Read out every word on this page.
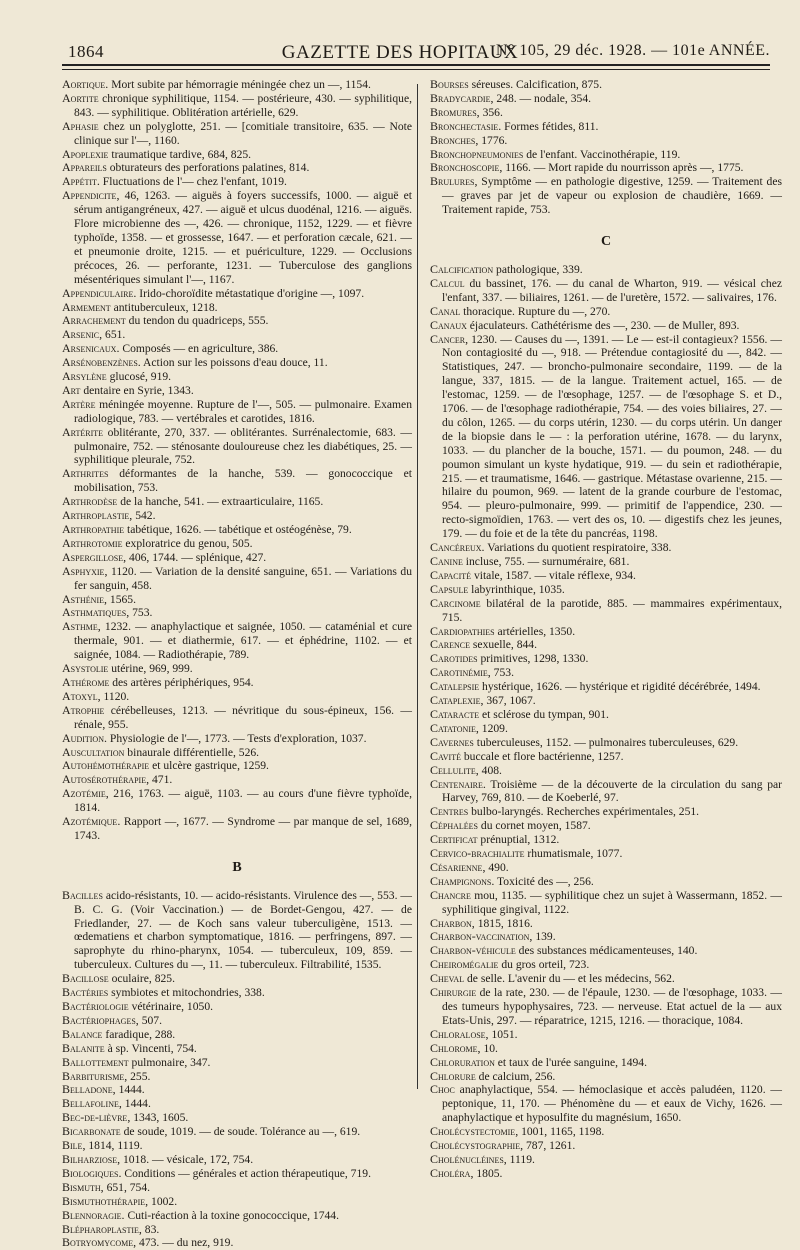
1864	GAZETTE DES HOPITAUX
N° 105, 29 déc. 1928. — 101e ANNÉE.
Aortique. Mort subite par hémorragie méningée chez un —, 1154.
Aortite chronique syphilitique, 1154. — postérieure, 430. — syphilitique, 843. — syphilitique. Oblitération artérielle, 629.
Aphasie chez un polyglotte, 251. — [comitiale transitoire, 635. — Note clinique sur l'—, 1160.
Apoplexie traumatique tardive, 684, 825.
Appareils obturateurs des perforations palatines, 814.
Appétit. Fluctuations de l'— chez l'enfant, 1019.
Appendicite, 46, 1263. — aiguës à foyers successifs, 1000. — aiguë et sérum antigangréneux, 427. — aiguë et ulcus duodénal, 1216. — aiguës. Flore microbienne des —, 426. — chronique, 1152, 1229. — et fièvre typhoïde, 1358. — et grossesse, 1647. — et perforation cæcale, 621. — et pneumonie droite, 1215. — et puériculture, 1229. — Occlusions précoces, 26. — perforante, 1231. — Tuberculose des ganglions mésentériques simulant l'—, 1167.
Appendiculaire. Irido-choroïdite métastatique d'origine —, 1097.
Armement antituberculeux, 1218.
Arrachement du tendon du quadriceps, 555.
Arsenic, 651.
Arsenicaux. Composés — en agriculture, 386.
Arsénobenzènes. Action sur les poissons d'eau douce, 11.
Arsylène glucosé, 919.
Art dentaire en Syrie, 1343.
Artère méningée moyenne. Rupture de l'—, 505. — pulmonaire. Examen radiologique, 783. — vertébrales et carotides, 1816.
Artérite oblitérante, 270, 337. — oblitérantes. Surrénalectomie, 683. — pulmonaire, 752. — sténosante douloureuse chez les diabétiques, 25. — syphilitique pleurale, 752.
Arthrites déformantes de la hanche, 539. — gonococcique et mobilisation, 753.
Arthrodèse de la hanche, 541. — extraarticulaire, 1165.
Arthroplastie, 542.
Arthropathie tabétique, 1626. — tabétique et ostéogénèse, 79.
Arthrotomie exploratrice du genou, 505.
Aspergillose, 406, 1744. — splénique, 427.
Asphyxie, 1120. — Variation de la densité sanguine, 651. — Variations du fer sanguin, 458.
Asthénie, 1565.
Asthmatiques, 753.
Asthme, 1232. — anaphylactique et saignée, 1050. — cataménial et cure thermale, 901. — et diathermie, 617. — et éphédrine, 1102. — et saignée, 1084. — Radiothérapie, 789.
Asystolie utérine, 969, 999.
Athérome des artères périphériques, 954.
Atoxyl, 1120.
Atrophie cérébelleuses, 1213. — névritique du sous-épineux, 156. — rénale, 955.
Audition. Physiologie de l'—, 1773. — Tests d'exploration, 1037.
Auscultation binaurale différentielle, 526.
Autohémothérapie et ulcère gastrique, 1259.
Autosérothérapie, 471.
Azotémie, 216, 1763. — aiguë, 1103. — au cours d'une fièvre typhoïde, 1814.
Azotémique. Rapport —, 1677. — Syndrome — par manque de sel, 1689, 1743.
B
Bacilles acido-résistants, 10. — acido-résistants. Virulence des —, 553. — B. C. G. (Voir Vaccination.) — de Bordet-Gengou, 427. — de Friedlander, 27. — de Koch sans valeur tuberculigène, 1513. — œdematiens et charbon symptomatique, 1816. — perfringens, 897. — saprophyte du rhino-pharynx, 1054. — tuberculeux, 109, 859. — tuberculeux. Cultures du —, 11. — tuberculeux. Filtrabilité, 1535.
Bacillose oculaire, 825.
Bactéries symbiotes et mitochondries, 338.
Bactériologie vétérinaire, 1050.
Bactériophages, 507.
Balance faradique, 288.
Balanite à sp. Vincenti, 754.
Ballottement pulmonaire, 347.
Barbiturisme, 255.
Belladone, 1444.
Bellafoline, 1444.
Bec-de-lièvre, 1343, 1605.
Bicarbonate de soude, 1019. — de soude. Tolérance au —, 619.
Bile, 1814, 1119.
Bilharziose, 1018. — vésicale, 172, 754.
Biologiques. Conditions — générales et action thérapeutique, 719.
Bismuth, 651, 754.
Bismuthothérapie, 1002.
Blennoragie. Cuti-réaction à la toxine gonococcique, 1744.
Blépharoplastie, 83.
Botryomycome, 473. — du nez, 919.
Bourses séreuses. Calcification, 875.
Bradycardie, 248. — nodale, 354.
Bromures, 356.
Bronchectasie. Formes fétides, 811.
Bronches, 1776.
Bronchopneumonies de l'enfant. Vaccinothérapie, 119.
Bronchoscopie, 1166. — Mort rapide du nourrisson après —, 1775.
Brulures, Symptôme — en pathologie digestive, 1259. — Traitement des — graves par jet de vapeur ou explosion de chaudière, 1669. — Traitement rapide, 753.
C
Calcification pathologique, 339.
Calcul du bassinet, 176. — du canal de Wharton, 919. — vésical chez l'enfant, 337. — biliaires, 1261. — de l'uretère, 1572. — salivaires, 176.
Canal thoracique. Rupture du —, 270.
Canaux éjaculateurs. Cathétérisme des —, 230. — de Muller, 893.
Cancer, 1230. — Causes du —, 1391. — Le — est-il contagieux? 1556. — Non contagiosité du —, 918. — Prétendue contagiosité du —, 842. — Statistiques, 247. — broncho-pulmonaire secondaire, 1199. — de la langue, 337, 1815. — de la langue. Traitement actuel, 165. — de l'estomac, 1259. — de l'œsophage, 1257. — de l'œsophage S. et D., 1706. — de l'œsophage radiothérapie, 754. — des voies biliaires, 27. — du côlon, 1265. — du corps utérin, 1230. — du corps utérin. Un danger de la biopsie dans le — : la perforation utérine, 1678. — du larynx, 1033. — du plancher de la bouche, 1571. — du poumon, 248. — du poumon simulant un kyste hydatique, 919. — du sein et radiothérapie, 215. — et traumatisme, 1646. — gastrique. Métastase ovarienne, 215. — hilaire du poumon, 969. — latent de la grande courbure de l'estomac, 954. — pleuro-pulmonaire, 999. — primitif de l'appendice, 230. — recto-sigmoïdien, 1763. — vert des os, 10. — digestifs chez les jeunes, 179. — du foie et de la tête du pancréas, 1198.
Cancéreux. Variations du quotient respiratoire, 338.
Canine incluse, 755. — surnuméraire, 681.
Capacité vitale, 1587. — vitale réflexe, 934.
Capsule labyrinthique, 1035.
Carcinome bilatéral de la parotide, 885. — mammaires expérimentaux, 715.
Cardiopathies artérielles, 1350.
Carence sexuelle, 844.
Carotides primitives, 1298, 1330.
Carotinémie, 753.
Catalepsie hystérique, 1626. — hystérique et rigidité décérébrée, 1494.
Cataplexie, 367, 1067.
Cataracte et sclérose du tympan, 901.
Catatonie, 1209.
Cavernes tuberculeuses, 1152. — pulmonaires tuberculeuses, 629.
Cavité buccale et flore bactérienne, 1257.
Cellulite, 408.
Centenaire. Troisième — de la découverte de la circulation du sang par Harvey, 769, 810. — de Koeberlé, 97.
Centres bulbo-laryngés. Recherches expérimentales, 251.
Céphalées du cornet moyen, 1587.
Certificat prénuptial, 1312.
Cervico-brachialite rhumatismale, 1077.
Césarienne, 490.
Champignons. Toxicité des —, 256.
Chancre mou, 1135. — syphilitique chez un sujet à Wassermann, 1852. — syphilitique gingival, 1122.
Charbon, 1815, 1816.
Charbon-vaccination, 139.
Charbon-véhicule des substances médicamenteuses, 140.
Cheiromégalie du gros orteil, 723.
Cheval de selle. L'avenir du — et les médecins, 562.
Chirurgie de la rate, 230. — de l'épaule, 1230. — de l'œsophage, 1033. — des tumeurs hypophysaires, 723. — nerveuse. Etat actuel de la — aux Etats-Unis, 297. — réparatrice, 1215, 1216. — thoracique, 1084.
Chloralose, 1051.
Chlorome, 10.
Chloruration et taux de l'urée sanguine, 1494.
Chlorure de calcium, 256.
Choc anaphylactique, 554. — hémoclasique et accès paludéen, 1120. — peptonique, 11, 170. — Phénomène du — et eaux de Vichy, 1626. — anaphylactique et hyposulfite du magnésium, 1650.
Cholécystectomie, 1001, 1165, 1198.
Cholécystographie, 787, 1261.
Cholénucléines, 1119.
Choléra, 1805.
